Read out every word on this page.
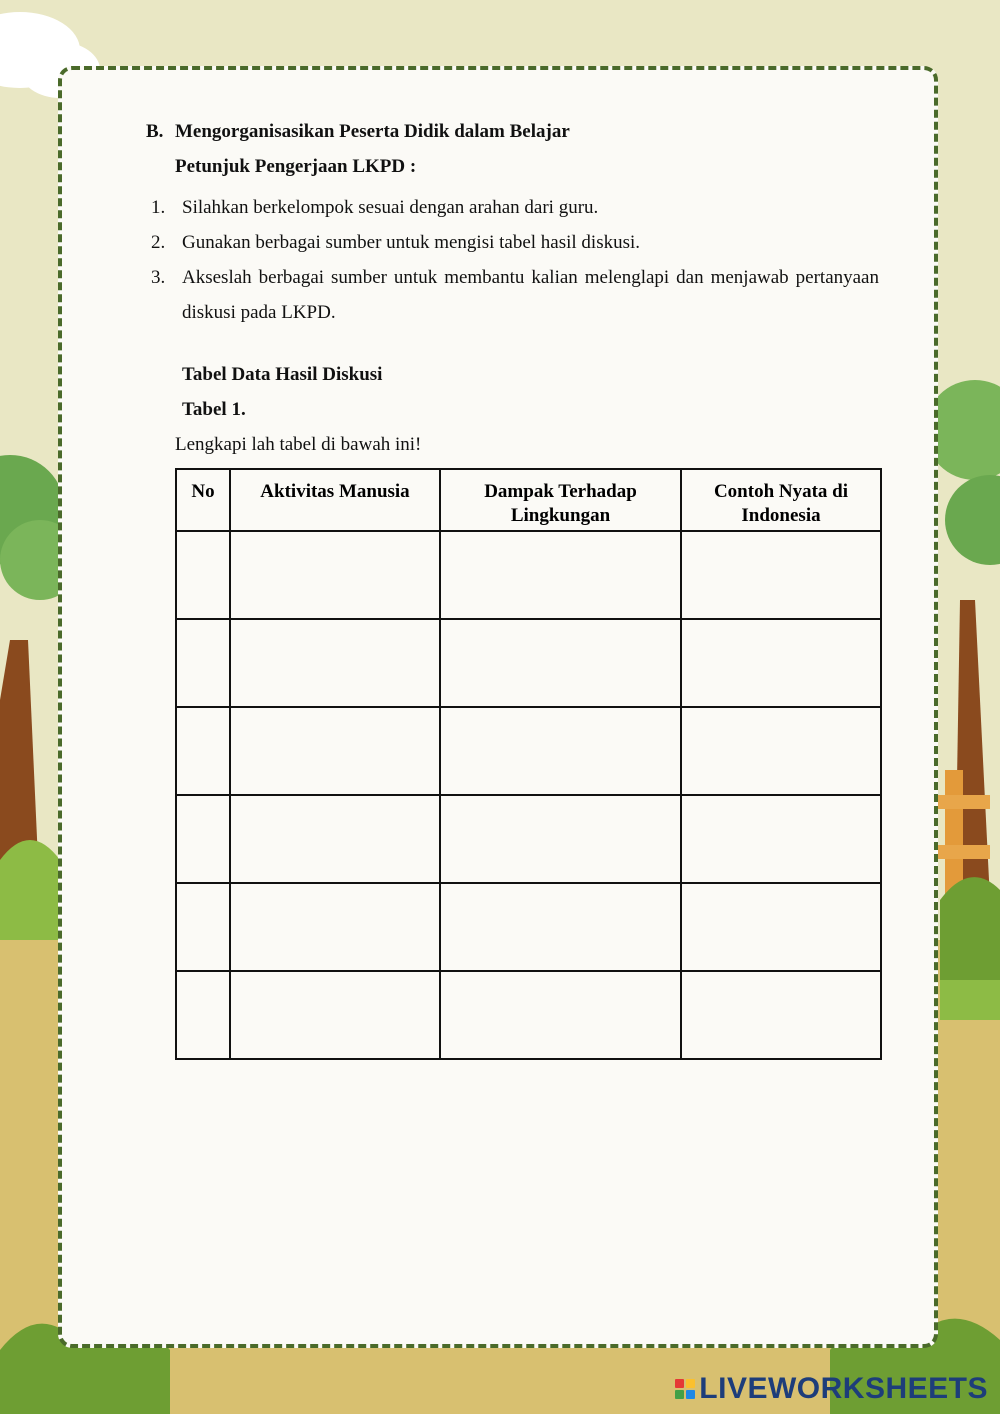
B. Mengorganisasikan Peserta Didik dalam Belajar
Petunjuk Pengerjaan LKPD :
1. Silahkan berkelompok sesuai dengan arahan dari guru.
2. Gunakan berbagai sumber untuk mengisi tabel hasil diskusi.
3. Akseslah berbagai sumber untuk membantu kalian melenglapi dan menjawab pertanyaan diskusi pada LKPD.
Tabel Data Hasil Diskusi
Tabel 1.
Lengkapi lah tabel di bawah ini!
No	Aktivitas Manusia	Dampak Terhadap Lingkungan	Contoh Nyata di Indonesia

LIVEWORKSHEETS
